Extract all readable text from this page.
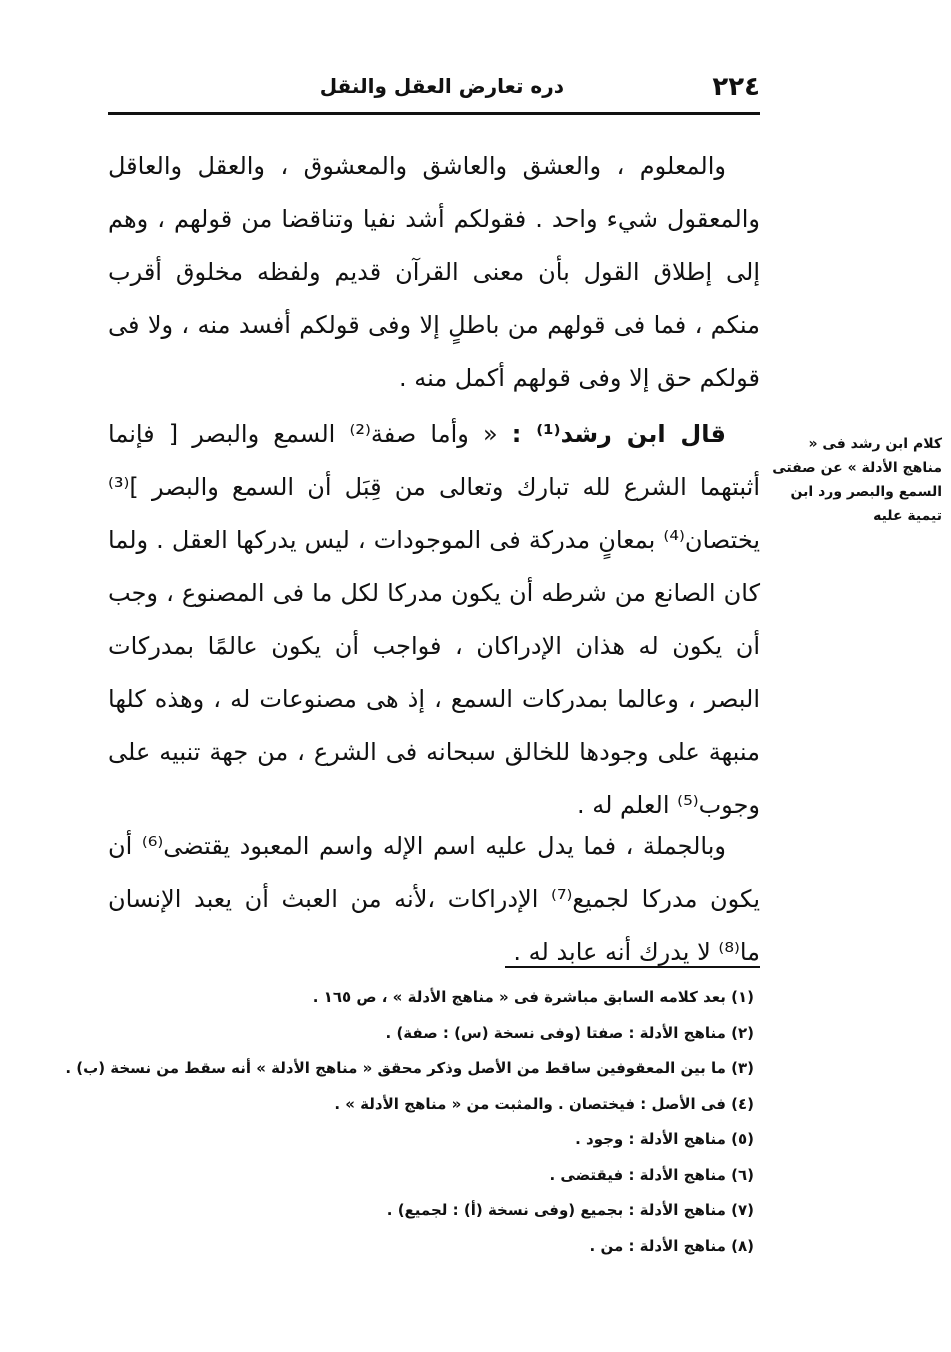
٢٢٤
دره تعارض العقل والنقل

والمعلوم ، والعشق والعاشق والمعشوق ، والعقل والعاقل والمعقول شيء واحد . فقولكم أشد نفيا وتناقضا من قولهم ، وهم إلى إطلاق القول بأن معنى القرآن قديم ولفظه مخلوق أقرب منكم ، فما فى قولهم من باطلٍ إلا وفى قولكم أفسد منه ، ولا فى قولكم حق إلا وفى قولهم أكمل منه .

قال ابن رشد⁽¹⁾ : « وأما صفة⁽²⁾ السمع والبصر [ فإنما أثبتهما الشرع لله تبارك وتعالى من قِبَل أن السمع والبصر ]⁽³⁾ يختصان⁽⁴⁾ بمعانٍ مدركة فى الموجودات ، ليس يدركها العقل . ولما كان الصانع من شرطه أن يكون مدركا لكل ما فى المصنوع ، وجب أن يكون له هذان الإدراكان ، فواجب أن يكون عالمًا بمدركات البصر ، وعالما بمدركات السمع ، إذ هى مصنوعات له ، وهذه كلها منبهة على وجودها للخالق سبحانه فى الشرع ، من جهة تنبيه على وجوب⁽⁵⁾ العلم له .

كلام ابن رشد فى « مناهج الأدلة » عن صفتى السمع والبصر ورد ابن تيمية عليه

وبالجملة ، فما يدل عليه اسم الإله واسم المعبود يقتضى⁽⁶⁾ أن يكون مدركا لجميع⁽⁷⁾ الإدراكات ،لأنه من العبث أن يعبد الإنسان ما⁽⁸⁾ لا يدرك أنه عابد له .

(١) بعد كلامه السابق مباشرة فى « مناهج الأدلة » ، ص ١٦٥ .
(٢) مناهج الأدلة : صفتا (وفى نسخة (س) : صفة) .
(٣) ما بين المعقوفين ساقط من الأصل وذكر محقق « مناهج الأدلة » أنه سقط من نسخة (ب) .
(٤) فى الأصل : فيختصان . والمثبت من « مناهج الأدلة » .
(٥) مناهج الأدلة : وجود .
(٦) مناهج الأدلة : فيقتضى .
(٧) مناهج الأدلة : بجميع (وفى نسخة (أ) : لجميع) .
(٨) مناهج الأدلة : من .
